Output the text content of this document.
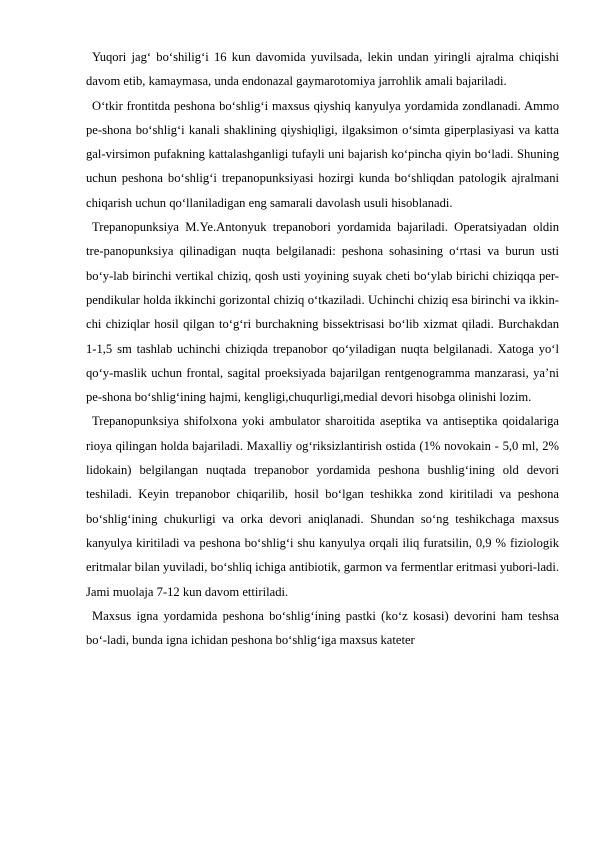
Yuqori jag‘ bo‘shilig‘i 16 kun davomida yuvilsada, lekin undan yiringli ajralma chiqishi davom etib, kamaymasa, unda endonazal gaymarotomiya jarrohlik amali bajariladi.

O‘tkir frontitda peshona bo‘shlig‘i maxsus qiyshiq kanyulya yordamida zondlanadi. Ammo pe-shona bo‘shlig‘i kanali shaklining qiyshiqligi, ilgaksimon o‘simta giperplasiyasi va katta gal-virsimon pufakning kattalashganligi tufayli uni bajarish ko‘pincha qiyin bo‘ladi. Shuning uchun peshona bo‘shlig‘i trepanopunksiyasi hozirgi kunda bo‘shliqdan patologik ajralmani chiqarish uchun qo‘llaniladigan eng samarali davolash usuli hisoblanadi.

Trepanopunksiya M.Ye.Antonyuk trepanobori yordamida bajariladi. Operatsiyadan oldin tre-panopunksiya qilinadigan nuqta belgilanadi: peshona sohasining o‘rtasi va burun usti bo‘y-lab birinchi vertikal chiziq, qosh usti yoyining suyak cheti bo‘ylab birichi chiziqqa per-pendikular holda ikkinchi gorizontal chiziq o‘tkaziladi. Uchinchi chiziq esa birinchi va ikkin-chi chiziqlar hosil qilgan to‘g‘ri burchakning bissektrisasi bo‘lib xizmat qiladi. Burchakdan 1-1,5 sm tashlab uchinchi chiziqda trepanobor qo‘yiladigan nuqta belgilanadi. Xatoga yo‘l qo‘y-maslik uchun frontal, sagital proeksiyada bajarilgan rentgenogramma manzarasi, ya’ni pe-shona bo‘shlig‘ining hajmi, kengligi,chuqurligi,medial devori hisobga olinishi lozim.

Trepanopunksiya shifolxona yoki ambulator sharoitida aseptika va antiseptika qoidalariga rioya qilingan holda bajariladi. Maxalliy og‘riksizlantirish ostida (1% novokain - 5,0 ml, 2% lidokain) belgilangan nuqtada trepanobor yordamida peshona bushlig‘ining old devori teshiladi. Keyin trepanobor chiqarilib, hosil bo‘lgan teshikka zond kiritiladi va peshona bo‘shlig‘ining chukurligi va orka devori aniqlanadi. Shundan so‘ng teshikchaga maxsus kanyulya kiritiladi va peshona bo‘shlig‘i shu kanyulya orqali iliq furatsilin, 0,9 % fiziologik eritmalar bilan yuviladi, bo‘shliq ichiga antibiotik, garmon va fermentlar eritmasi yubori-ladi. Jami muolaja 7-12 kun davom ettiriladi.

Maxsus igna yordamida peshona bo‘shlig‘ining pastki (ko‘z kosasi) devorini ham teshsa bo‘-ladi, bunda igna ichidan peshona bo‘shlig‘iga maxsus kateter
